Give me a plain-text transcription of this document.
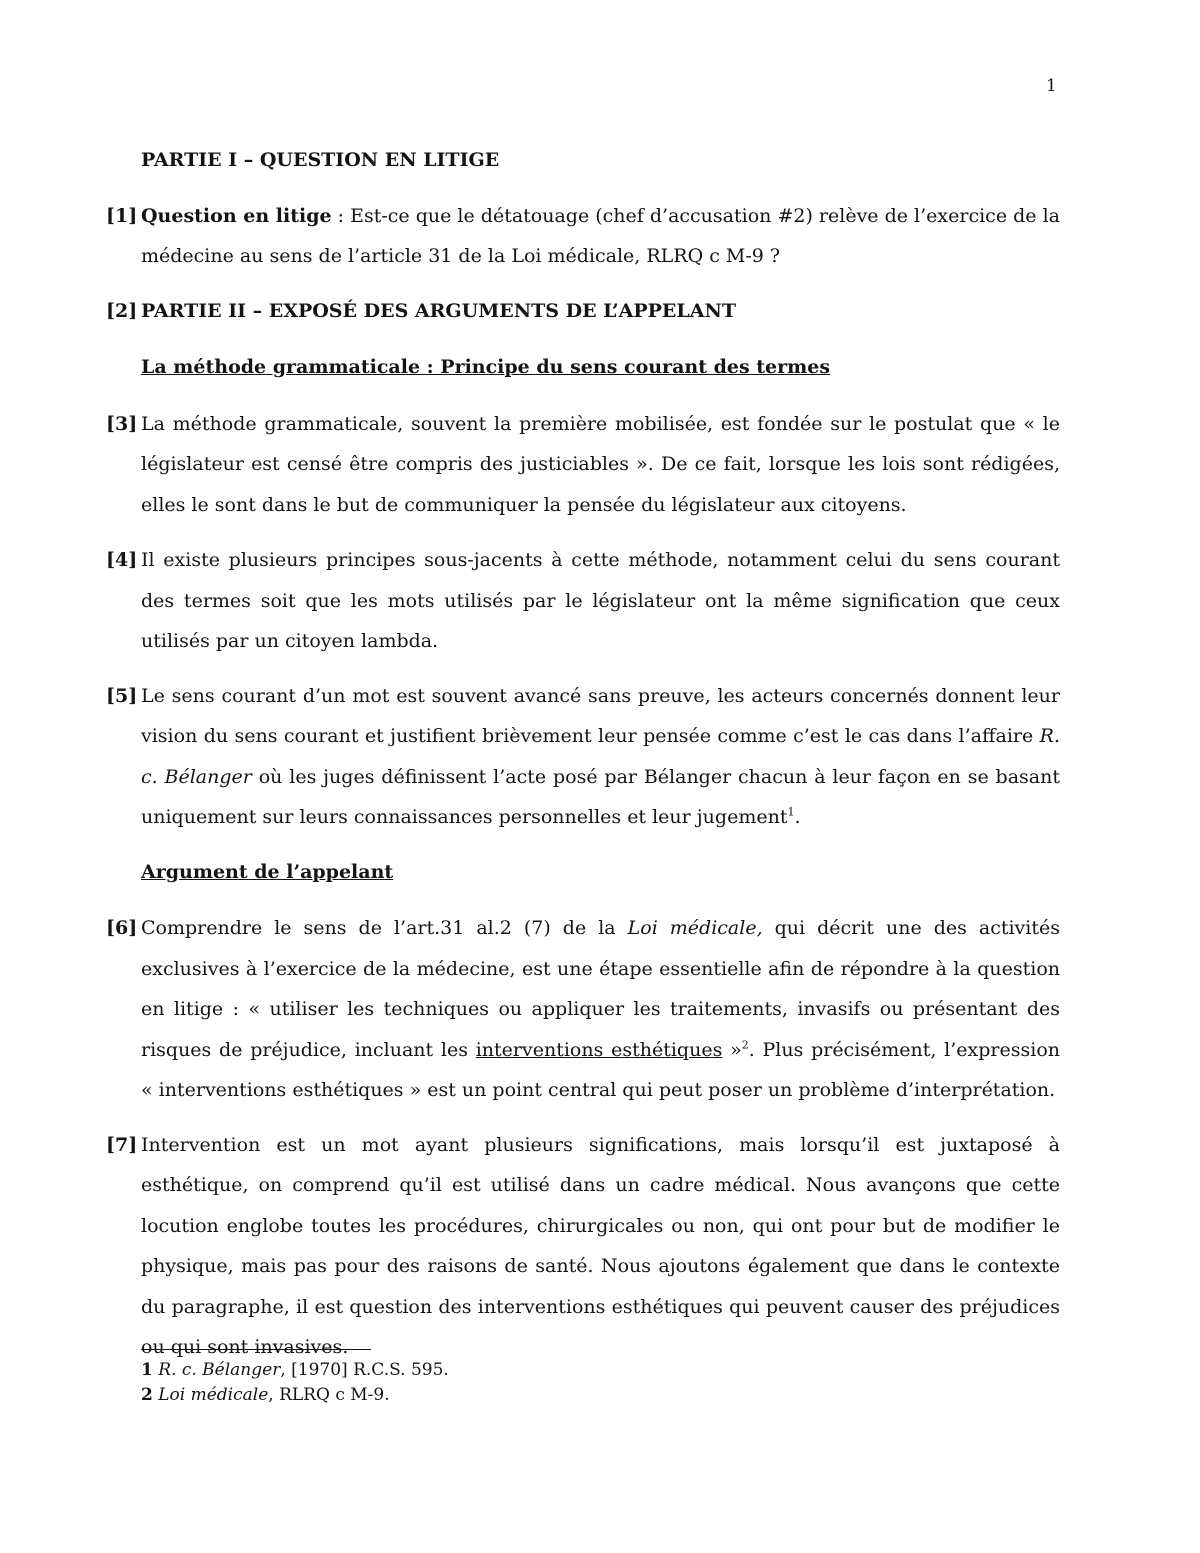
1
PARTIE I – QUESTION EN LITIGE
[1] Question en litige : Est-ce que le détatouage (chef d’accusation #2) relève de l’exercice de la médecine au sens de l’article 31 de la Loi médicale, RLRQ c M-9 ?
[2] PARTIE II – EXPOSÉ DES ARGUMENTS DE L’APPELANT
La méthode grammaticale : Principe du sens courant des termes
[3] La méthode grammaticale, souvent la première mobilisée, est fondée sur le postulat que « le législateur est censé être compris des justiciables ». De ce fait, lorsque les lois sont rédigées, elles le sont dans le but de communiquer la pensée du législateur aux citoyens.
[4] Il existe plusieurs principes sous-jacents à cette méthode, notamment celui du sens courant des termes soit que les mots utilisés par le législateur ont la même signification que ceux utilisés par un citoyen lambda.
[5] Le sens courant d’un mot est souvent avancé sans preuve, les acteurs concernés donnent leur vision du sens courant et justifient brièvement leur pensée comme c’est le cas dans l’affaire R. c. Bélanger où les juges définissent l’acte posé par Bélanger chacun à leur façon en se basant uniquement sur leurs connaissances personnelles et leur jugement$^1$.
Argument de l’appelant
[6] Comprendre le sens de l’art.31 al.2 (7) de la Loi médicale, qui décrit une des activités exclusives à l’exercice de la médecine, est une étape essentielle afin de répondre à la question en litige : « utiliser les techniques ou appliquer les traitements, invasifs ou présentant des risques de préjudice, incluant les interventions esthétiques »$^2$. Plus précisément, l’expression « interventions esthétiques » est un point central qui peut poser un problème d’interprétation.
[7] Intervention est un mot ayant plusieurs significations, mais lorsqu’il est juxtaposé à esthétique, on comprend qu’il est utilisé dans un cadre médical. Nous avançons que cette locution englobe toutes les procédures, chirurgicales ou non, qui ont pour but de modifier le physique, mais pas pour des raisons de santé. Nous ajoutons également que dans le contexte du paragraphe, il est question des interventions esthétiques qui peuvent causer des préjudices ou qui sont invasives.
1 R. c. Bélanger, [1970] R.C.S. 595.
2 Loi médicale, RLRQ c M-9.
